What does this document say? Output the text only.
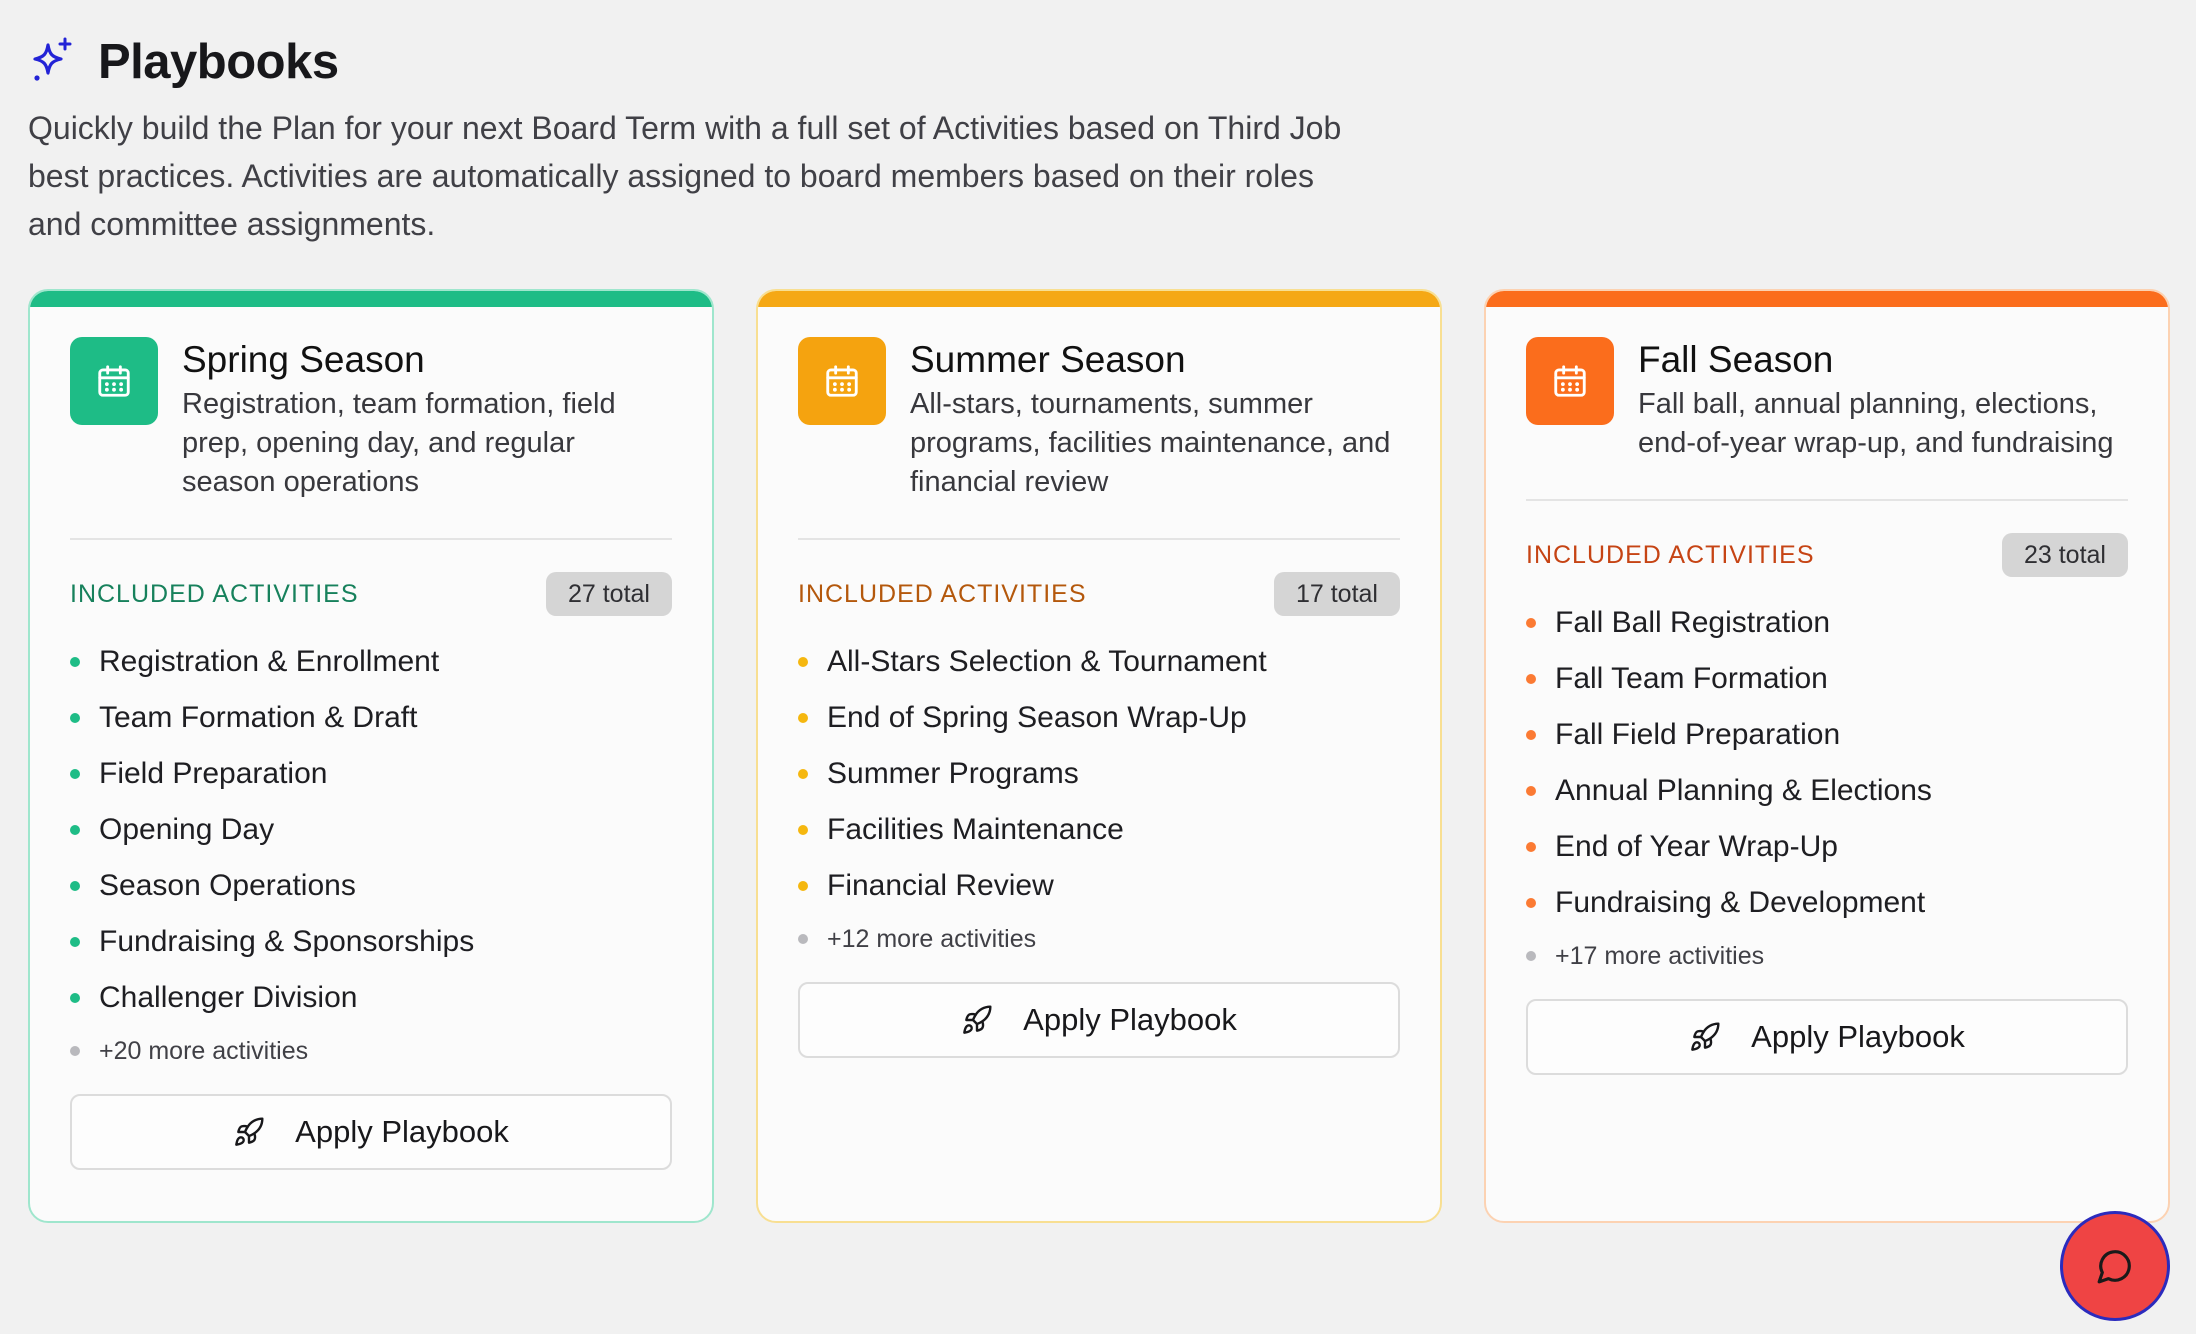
Playbooks

Quickly build the Plan for your next Board Term with a full set of Activities based on Third Job best practices. Activities are automatically assigned to board members based on their roles and committee assignments.

Spring Season

Registration, team formation, field prep, opening day, and regular season operations

INCLUDED ACTIVITIES	27 total
Registration & Enrollment
Team Formation & Draft
Field Preparation
Opening Day
Season Operations
Fundraising & Sponsorships
Challenger Division
+20 more activities
Apply Playbook
Summer Season

All-stars, tournaments, summer programs, facilities maintenance, and financial review

INCLUDED ACTIVITIES	17 total
All-Stars Selection & Tournament
End of Spring Season Wrap-Up
Summer Programs
Facilities Maintenance
Financial Review
+12 more activities
Apply Playbook
Fall Season

Fall ball, annual planning, elections, end-of-year wrap-up, and fundraising

INCLUDED ACTIVITIES	23 total
Fall Ball Registration
Fall Team Formation
Fall Field Preparation
Annual Planning & Elections
End of Year Wrap-Up
Fundraising & Development
+17 more activities
Apply Playbook
